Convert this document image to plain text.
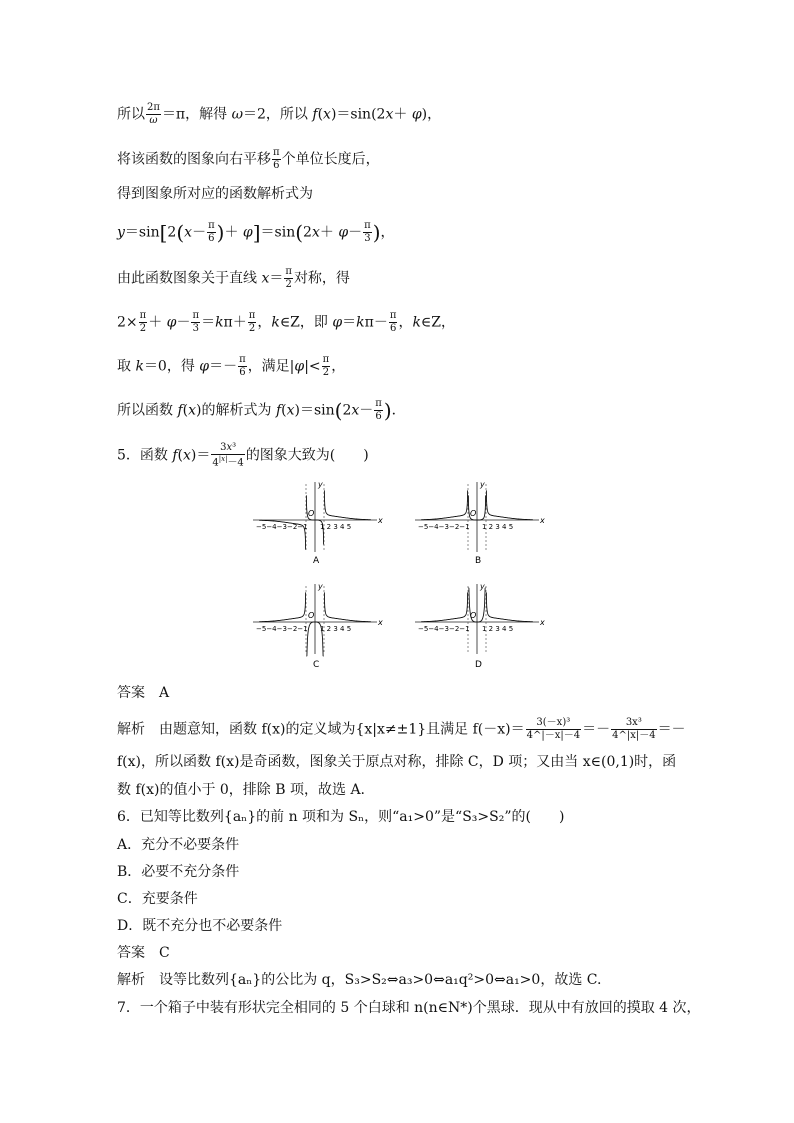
所以 $\frac{2\pi}{\omega} =\pi$，解得 ω＝2，所以 f(x)＝sin(2x＋ φ)，
将该函数的图象向右平移 $\frac{\pi}{6}$ 个单位长度后，
得到图象所对应的函数解析式为
$y=\sin[2(x- \frac{\pi}{6}$ )＋ $\varphi]=\sin(2x+ \varphi- \frac{\pi}{3}$ )，
由此函数图象关于直线 $x= \frac{\pi}{2}$ 对称，得
$2\times \frac{\pi}{2} + \varphi- \frac{\pi}{3} =k\pi+ \frac{\pi}{2}$ ，k∈Z，即 $\varphi=k\pi- \frac{\pi}{6}$ ，k∈Z，
取 k＝0，得 $\varphi=- \frac{\pi}{6}$ ，满足$|\varphi|< \frac{\pi}{2}$ ，
所以函数 f(x)的解析式为 $f(x)=\sin(2x- \frac{\pi}{6}$ )．
5．函数 $f(x)= \frac{\text{3x³}}{4^{|x|}-4}$ 的图象大致为(　　)
y
x
O
−5−4−3−2−1 1 2 3 4 5
A
y
x
O
−5−4−3−2−1 1 2 3 4 5
B
y
x
O
−5−4−3−2−1 1 2 3 4 5
C
y
x
O
−5−4−3−2−1 1 2 3 4 5
D
答案　A
解析　由题意知，函数 f(x)的定义域为{x|x≠±1}且满足 $f(-x)= \frac{\text{3(－x)³}}{4\^{}|-x|-4} =- \frac{\text{3x³}}{4\^{}|x|-4}$ ＝－
f(x)，所以函数 f(x)是奇函数，图象关于原点对称，排除 C，D 项；又由当 x∈(0,1)时，函
数 f(x)的值小于 0，排除 B 项，故选 A.
6．已知等比数列{aₙ}的前 n 项和为 Sₙ，则“a₁>0”是“S₃>S₂”的(　　)
A．充分不必要条件
B．必要不充分条件
C．充要条件
D．既不充分也不必要条件
答案　C
解析　设等比数列{aₙ}的公比为 q，S₃>S₂⇔a₃>0⇔a₁q²>0⇔a₁>0，故选 C.
7．一个箱子中装有形状完全相同的 5 个白球和 n(n∈N*)个黑球．现从中有放回的摸取 4 次，
